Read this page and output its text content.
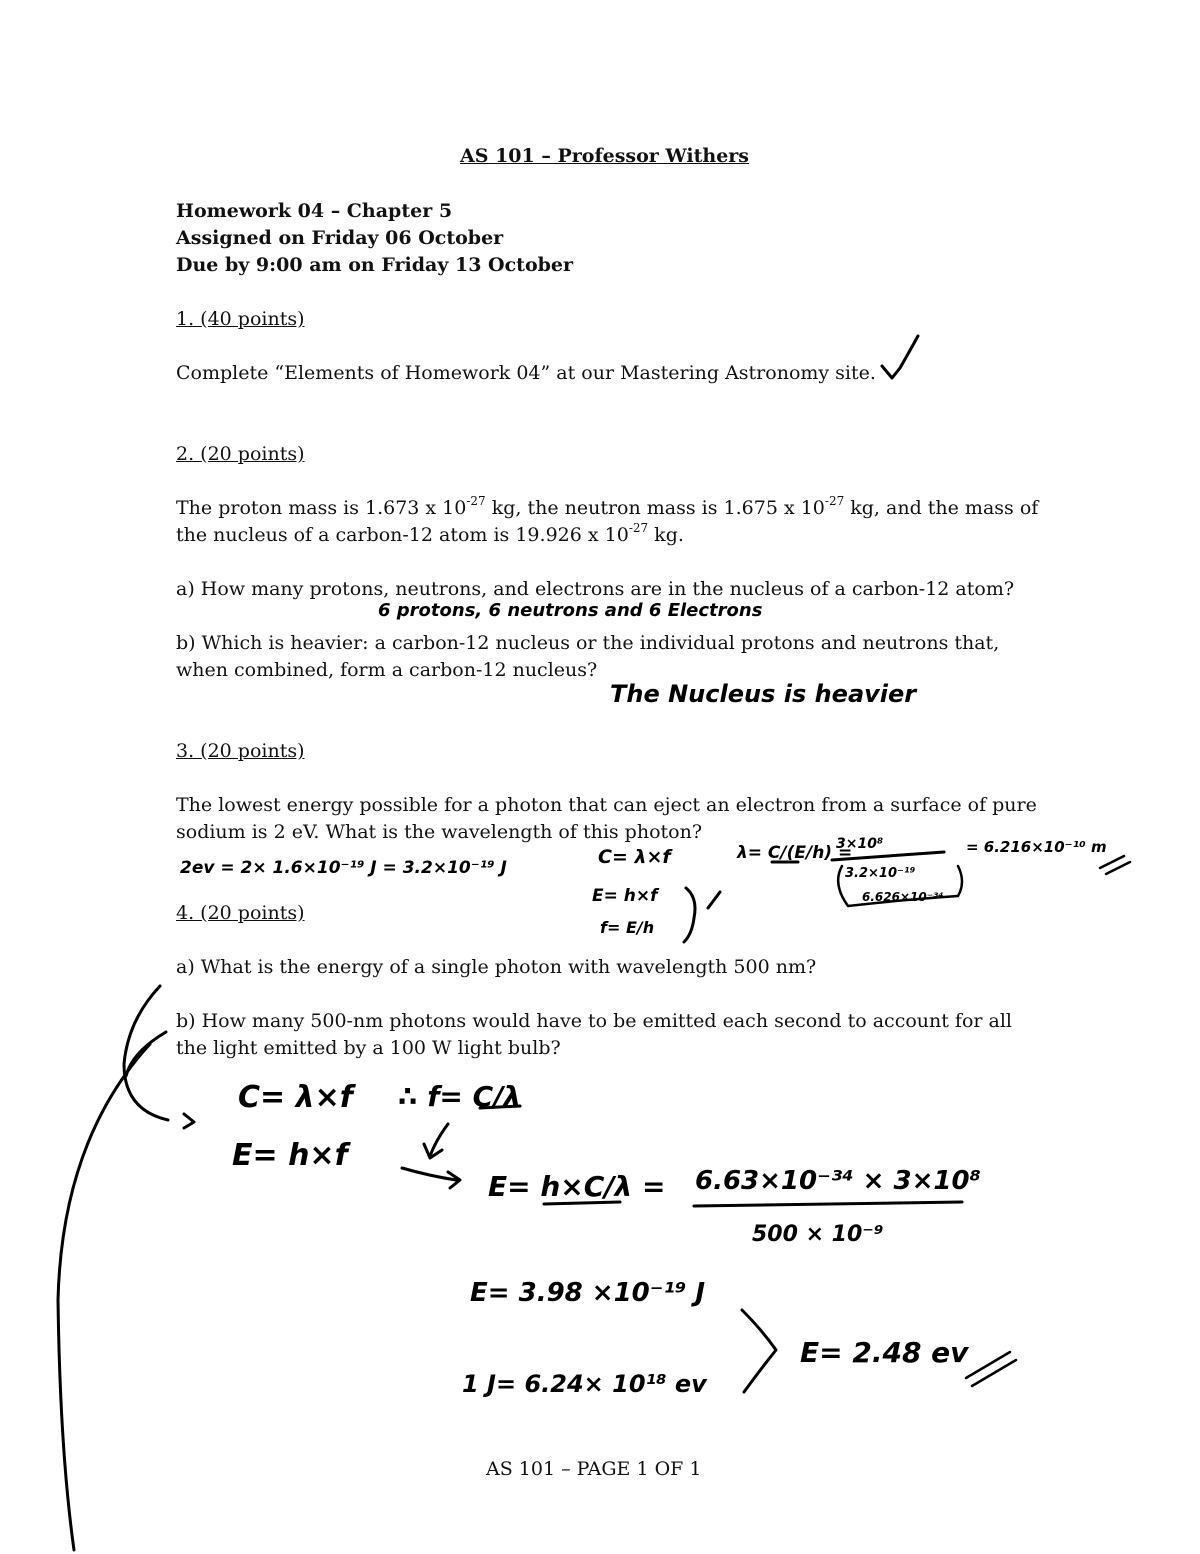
AS 101 – Professor Withers
Homework 04 – Chapter 5
Assigned on Friday 06 October
Due by 9:00 am on Friday 13 October
1. (40 points)
Complete “Elements of Homework 04” at our Mastering Astronomy site.
2. (20 points)
The proton mass is 1.673 x $10^{-27}$ kg, the neutron mass is 1.675 x $10^{-27}$ kg, and the mass of
the nucleus of a carbon-12 atom is 19.926 x $10^{-27}$ kg.
a) How many protons, neutrons, and electrons are in the nucleus of a carbon-12 atom?
b) Which is heavier: a carbon-12 nucleus or the individual protons and neutrons that,
when combined, form a carbon-12 nucleus?
3. (20 points)
The lowest energy possible for a photon that can eject an electron from a surface of pure
sodium is 2 eV. What is the wavelength of this photon?
4. (20 points)
a) What is the energy of a single photon with wavelength 500 nm?
b) How many 500-nm photons would have to be emitted each second to account for all
the light emitted by a 100 W light bulb?
AS 101 – PAGE 1 OF 1
6 protons, 6 neutrons and 6 Electrons
The Nucleus is heavier
2ev = 2× 1.6×10⁻¹⁹ J = 3.2×10⁻¹⁹ J	C= λ×f
E= h×f
f= E/h
λ= C/(E/h) =
3×10⁸
3.2×10⁻¹⁹
6.626×10⁻³⁴
= 6.216×10⁻¹⁰ m
C= λ×f ∴ f= C/λ
E= h×f
E= h×C/λ = 6.63×10⁻³⁴ × 3×10⁸
500 × 10⁻⁹
E= 3.98 ×10⁻¹⁹ J
1 J= 6.24× 10¹⁸ ev
E= 2.48 ev
